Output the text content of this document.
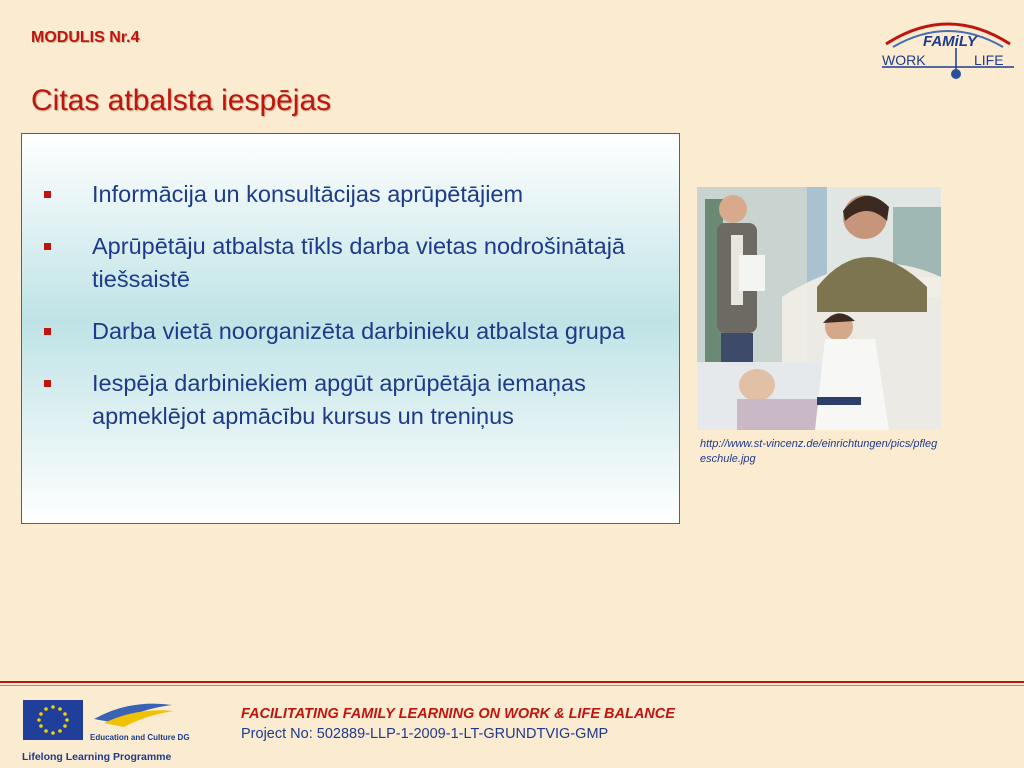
MODULIS Nr.4
Citas atbalsta iespējas
FAMiLY
WORK	LIFE
Informācija un konsultācijas aprūpētājiem
Aprūpētāju atbalsta tīkls darba vietas nodrošinātajā tiešsaistē
Darba vietā noorganizēta darbinieku atbalsta grupa
Iespēja darbiniekiem apgūt aprūpētāja iemaņas apmeklējot apmācību kursus un treniņus
http://www.st-vincenz.de/einrichtungen/pics/pflegeschule.jpg
Education and Culture DG
Lifelong Learning Programme
FACILITATING FAMILY LEARNING ON WORK & LIFE BALANCE
Project No: 502889-LLP-1-2009-1-LT-GRUNDTVIG-GMP
